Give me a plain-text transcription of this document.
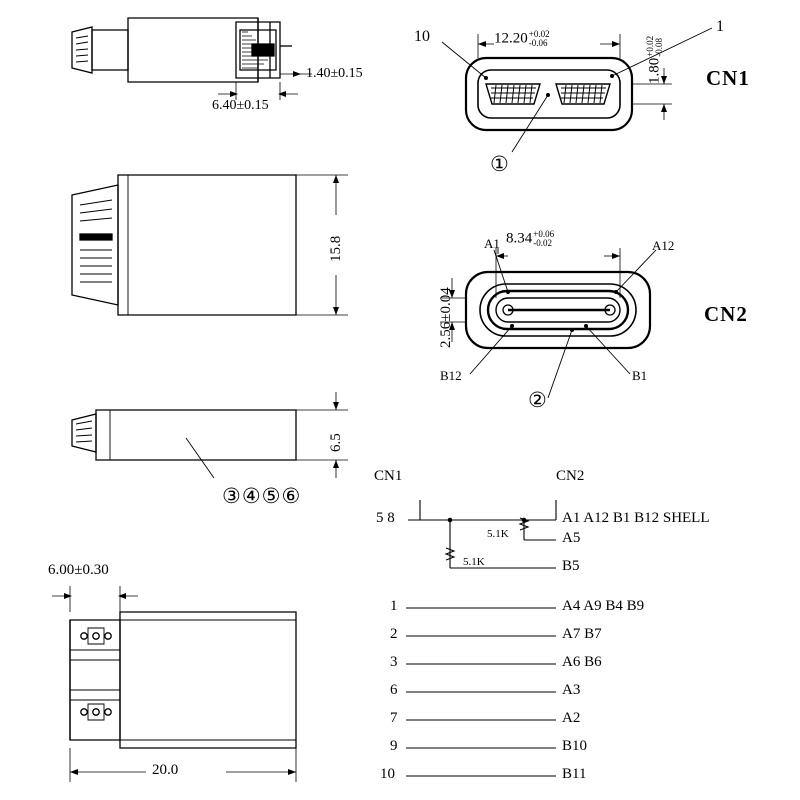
1.40±0.15
6.40±0.15
10
1
12.20 +0.02
-0.06
1.80
+0.02 -0.08
CN1
①
15.8	A1	A12
B12	B1
8.34 +0.06
-0.02
2.56±0.04	CN2
②
6.5
③④⑤⑥
6.00±0.30
20.0
CN1	CN2
5 8	A1 A12 B1 B12 SHELL
5.1K	A5
5.1K	B5
1	A4 A9 B4 B9
2	A7 B7
3	A6 B6
6	A3
7	A2
9	B10
10	B11
